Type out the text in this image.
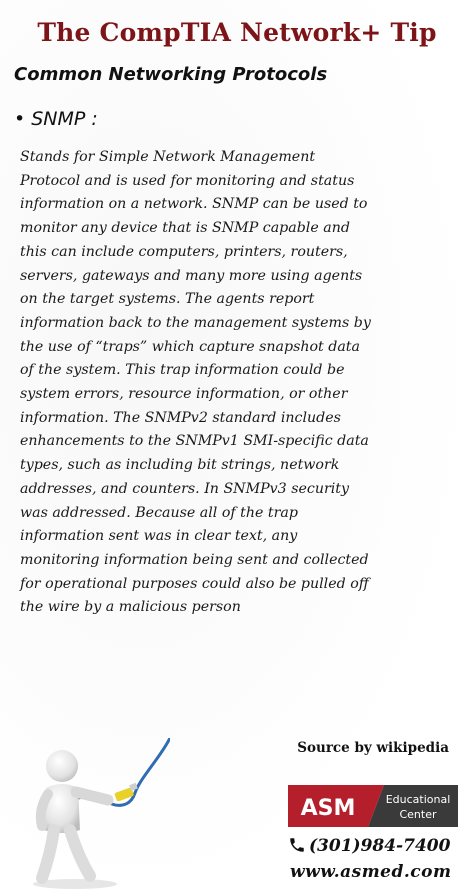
The CompTIA Network+ Tip
Common Networking Protocols
• SNMP :
Stands for Simple Network Management
Protocol and is used for monitoring and status
information on a network. SNMP can be used to
monitor any device that is SNMP capable and
this can include computers, printers, routers,
servers, gateways and many more using agents
on the target systems. The agents report
information back to the management systems by
the use of “traps” which capture snapshot data
of the system. This trap information could be
system errors, resource information, or other
information. The SNMPv2 standard includes
enhancements to the SNMPv1 SMI-specific data
types, such as including bit strings, network
addresses, and counters. In SNMPv3 security
was addressed. Because all of the trap
information sent was in clear text, any
monitoring information being sent and collected
for operational purposes could also be pulled off
the wire by a malicious person
Source by wikipedia
ASM	Educational
Center
(301)984-7400
www.asmed.com
